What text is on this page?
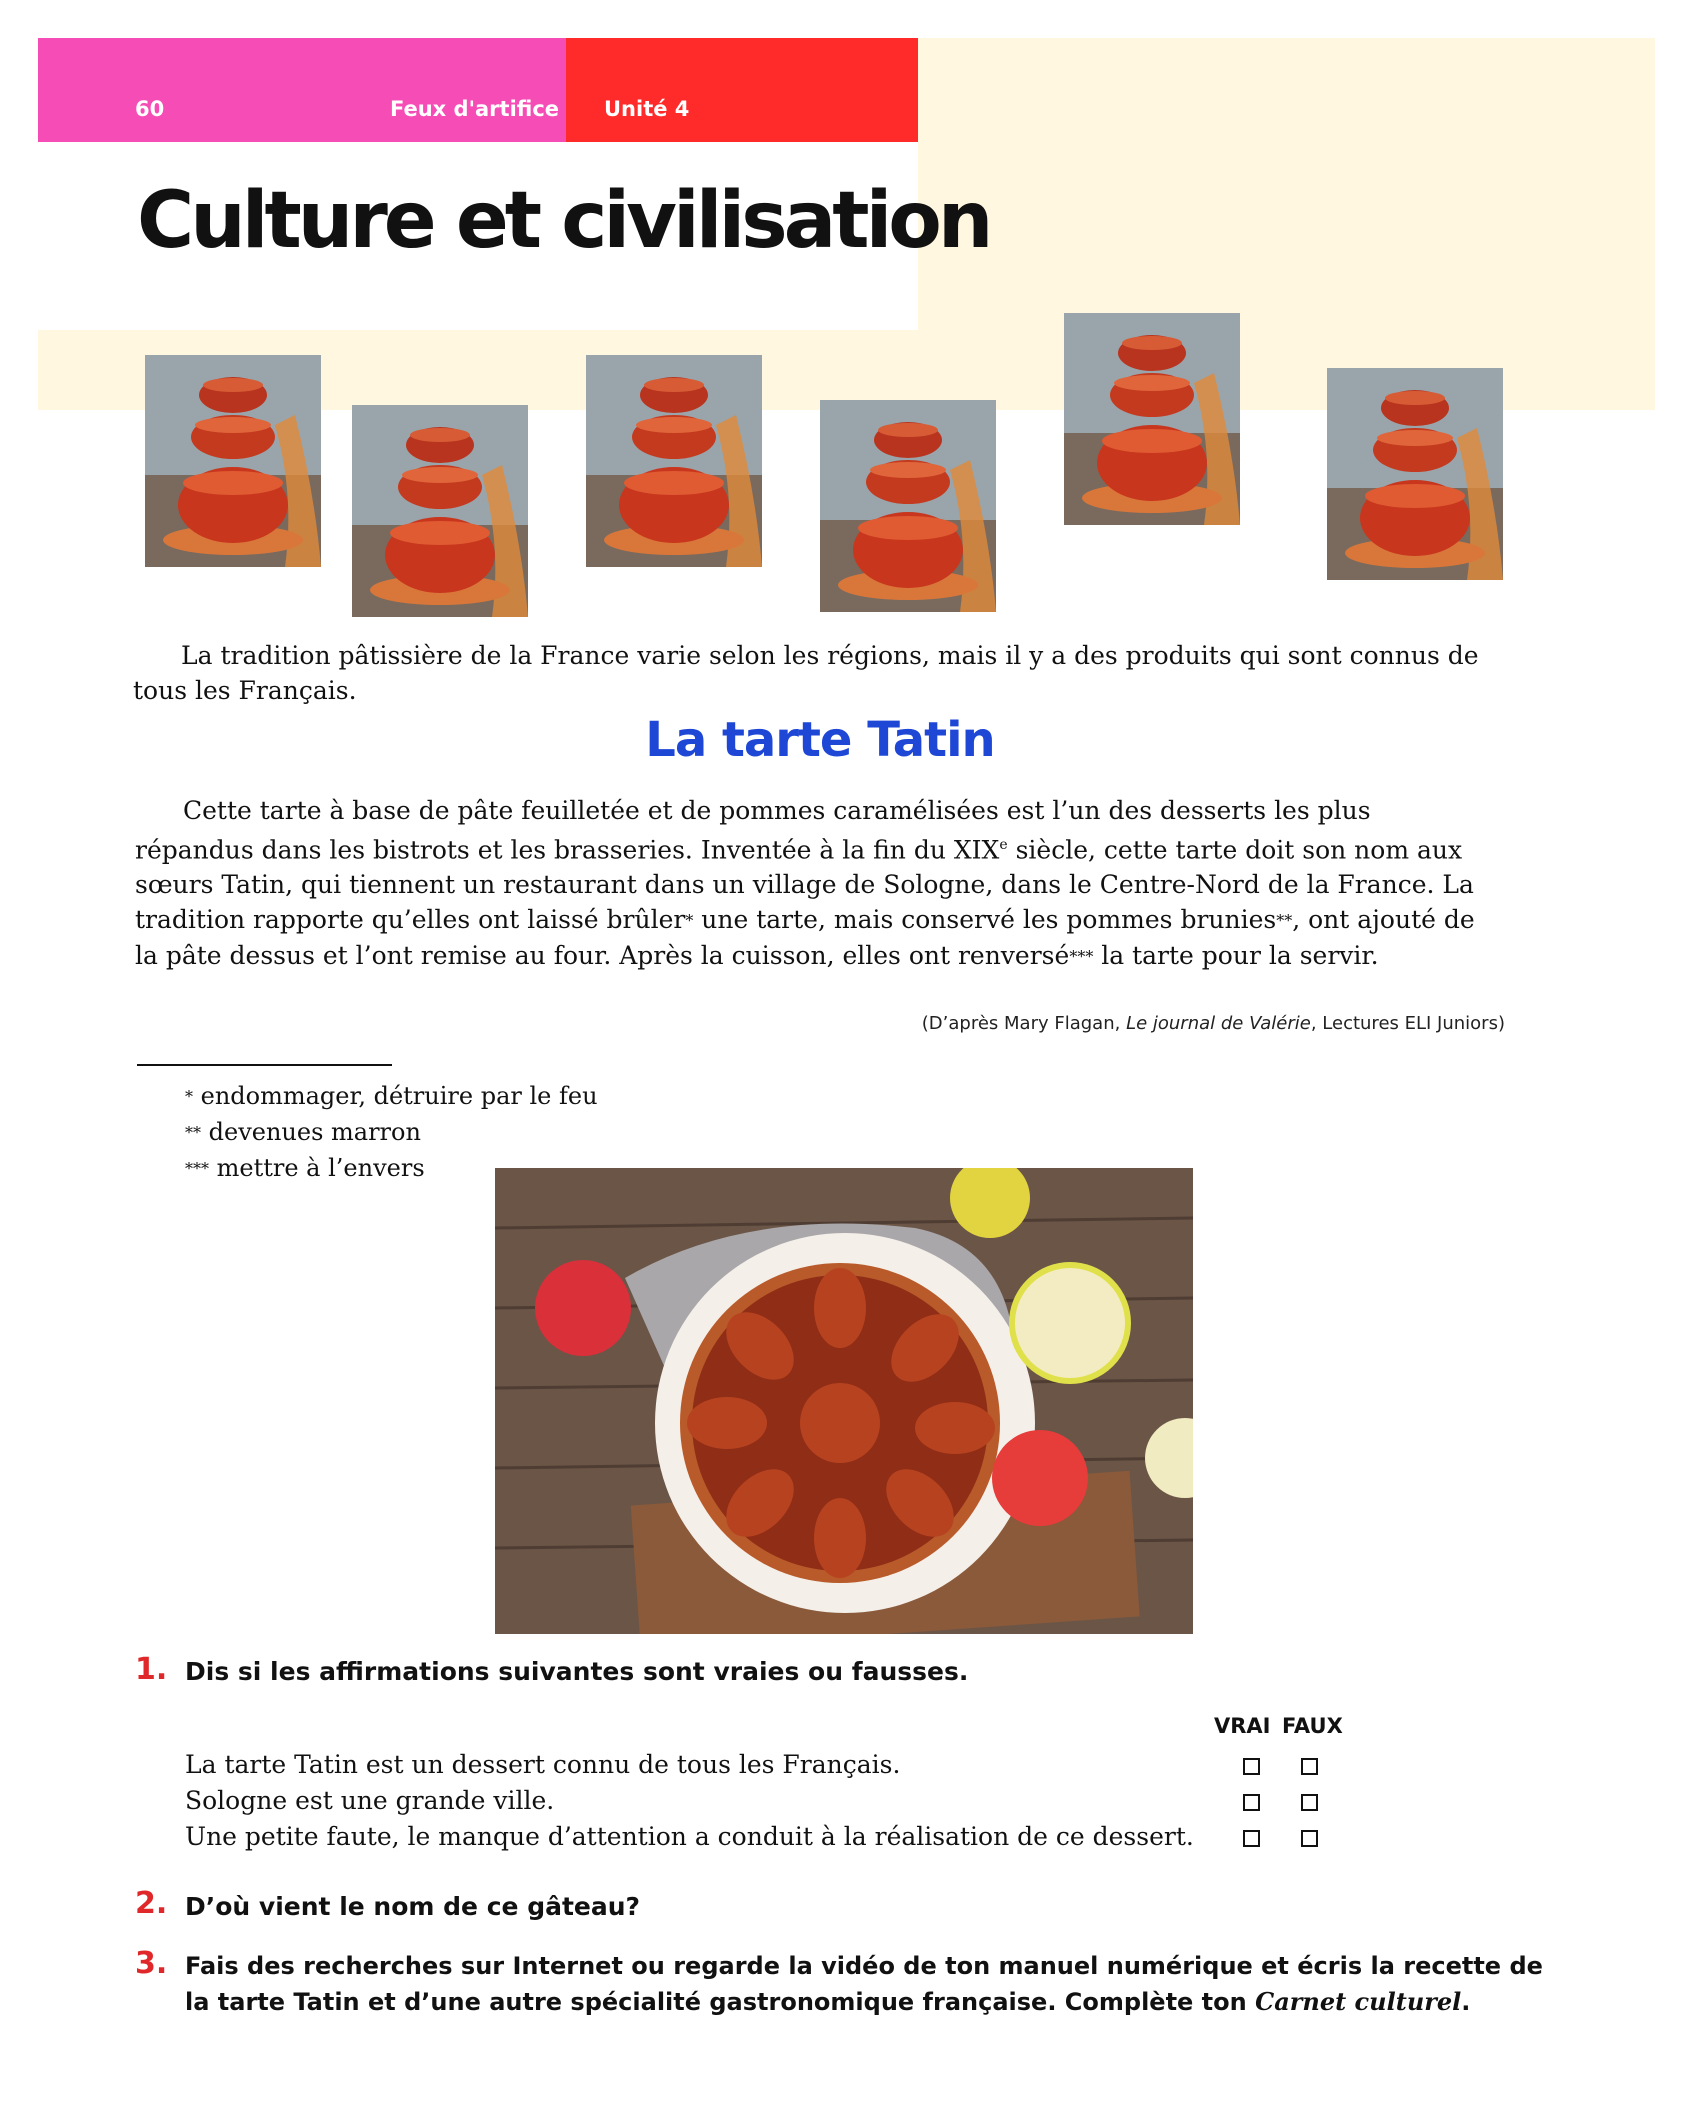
60	Feux d'artifice Unité 4
Culture et civilisation
La tradition pâtissière de la France varie selon les régions, mais il y a des produits qui sont connus de tous les Français.
La tarte Tatin
Cette tarte à base de pâte feuilletée et de pommes caramélisées est l’un des desserts les plus répandus dans les bistrots et les brasseries. Inventée à la fin du XIXe siècle, cette tarte doit son nom aux sœurs Tatin, qui tiennent un restaurant dans un village de Sologne, dans le Centre-Nord de la France. La tradition rapporte qu’elles ont laissé brûler* une tarte, mais conservé les pommes brunies**, ont ajouté de la pâte dessus et l’ont remise au four. Après la cuisson, elles ont renversé*** la tarte pour la servir.
(D’après Mary Flagan, Le journal de Valérie, Lectures ELI Juniors)
* endommager, détruire par le feu
** devenues marron
*** mettre à l’envers
1. Dis si les affirmations suivantes sont vraies ou fausses.
VRAI FAUX
La tarte Tatin est un dessert connu de tous les Français.
Sologne est une grande ville.
Une petite faute, le manque d’attention a conduit à la réalisation de ce dessert.
2. D’où vient le nom de ce gâteau?
3. Fais des recherches sur Internet ou regarde la vidéo de ton manuel numérique et écris la recette de
la tarte Tatin et d’une autre spécialité gastronomique française. Complète ton Carnet culturel.
